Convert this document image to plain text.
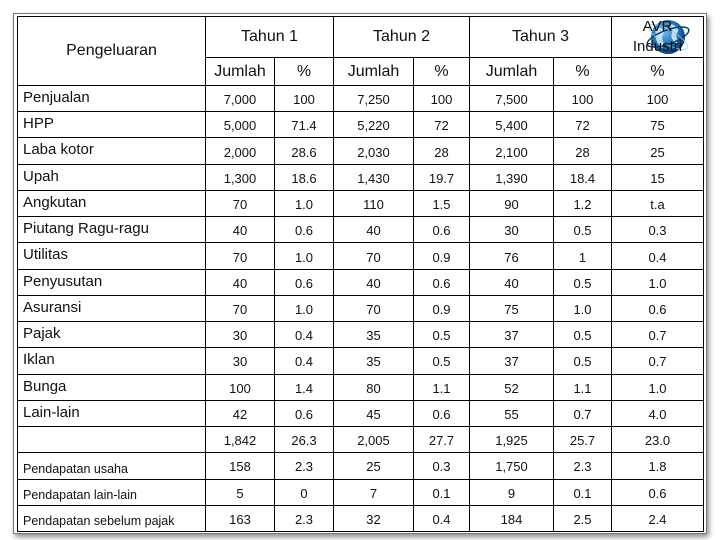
Pengeluaran	Tahun 1		Tahun 2		Tahun 3		AVR
Industri
	Jumlah	%	Jumlah	%	Jumlah	%	%
Penjualan	7,000	100	7,250	100	7,500	100	100
HPP	5,000	71.4	5,220	72	5,400	72	75
Laba kotor	2,000	28.6	2,030	28	2,100	28	25
Upah	1,300	18.6	1,430	19.7	1,390	18.4	15
Angkutan	70	1.0	110	1.5	90	1.2	t.a
Piutang Ragu-ragu	40	0.6	40	0.6	30	0.5	0.3
Utilitas	70	1.0	70	0.9	76	1	0.4
Penyusutan	40	0.6	40	0.6	40	0.5	1.0
Asuransi	70	1.0	70	0.9	75	1.0	0.6
Pajak	30	0.4	35	0.5	37	0.5	0.7
Iklan	30	0.4	35	0.5	37	0.5	0.7
Bunga	100	1.4	80	1.1	52	1.1	1.0
Lain-lain	42	0.6	45	0.6	55	0.7	4.0
	1,842	26.3	2,005	27.7	1,925	25.7	23.0
Pendapatan usaha	158	2.3	25	0.3	1,750	2.3	1.8
Pendapatan lain-lain	5	0	7	0.1	9	0.1	0.6
Pendapatan sebelum pajak	163	2.3	32	0.4	184	2.5	2.4
